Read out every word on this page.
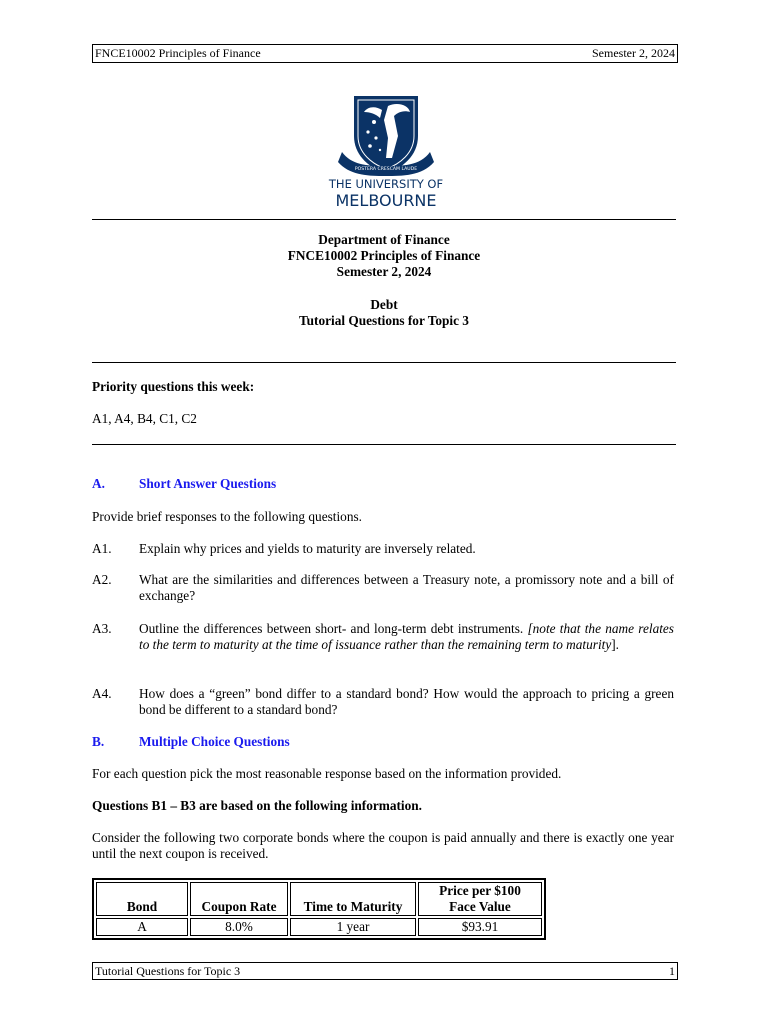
FNCE10002 Principles of Finance	Semester 2, 2024
POSTERA CRESCAM LAUDE
THE UNIVERSITY OF
MELBOURNE
Department of Finance
FNCE10002 Principles of Finance
Semester 2, 2024
Debt
Tutorial Questions for Topic 3
Priority questions this week:
A1, A4, B4, C1, C2
A.	Short Answer Questions
Provide brief responses to the following questions.
A1. Explain why prices and yields to maturity are inversely related.
A2. What are the similarities and differences between a Treasury note, a promissory note and a bill of exchange?
A3. Outline the differences between short- and long-term debt instruments. [note that the name relates to the term to maturity at the time of issuance rather than the remaining term to maturity].
A4. How does a “green” bond differ to a standard bond? How would the approach to pricing a green bond be different to a standard bond?
B.	Multiple Choice Questions
For each question pick the most reasonable response based on the information provided.
Questions B1 – B3 are based on the following information.
Consider the following two corporate bonds where the coupon is paid annually and there is exactly one year until the next coupon is received.
Bond	Coupon Rate	Time to Maturity	Price per $100
Face Value
A	8.0%	1 year	$93.91
Tutorial Questions for Topic 3	1
